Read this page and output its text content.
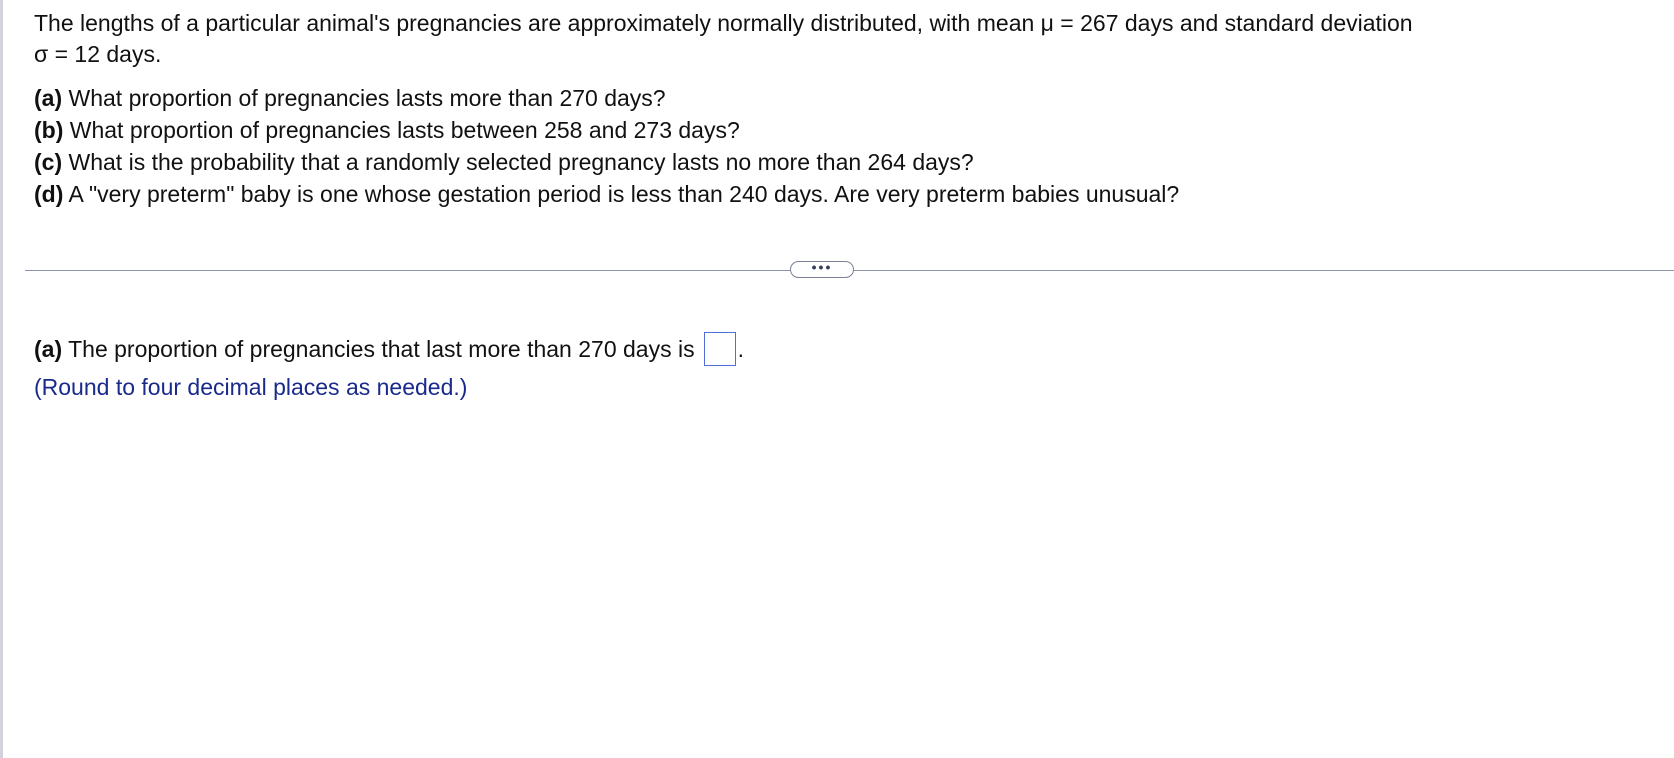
The lengths of a particular animal's pregnancies are approximately normally distributed, with mean μ = 267 days and standard deviation
σ = 12 days.
(a) What proportion of pregnancies lasts more than 270 days?
(b) What proportion of pregnancies lasts between 258 and 273 days?
(c) What is the probability that a randomly selected pregnancy lasts no more than 264 days?
(d) A "very preterm" baby is one whose gestation period is less than 240 days. Are very preterm babies unusual?
•••
(a) The proportion of pregnancies that last more than 270 days is .
(Round to four decimal places as needed.)
